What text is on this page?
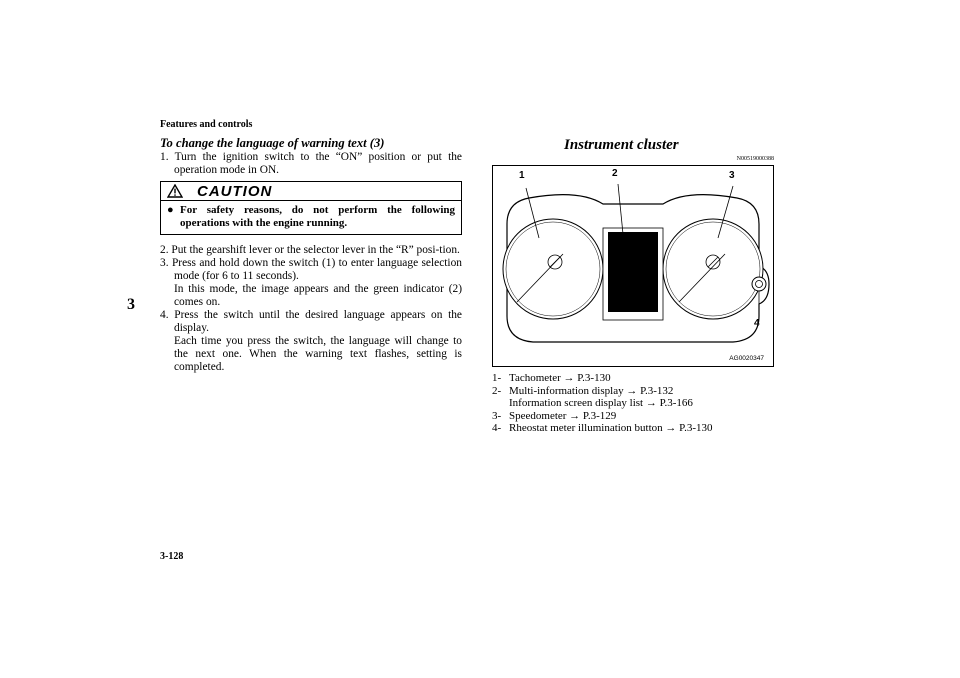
Features and controls
3
To change the language of warning text (3)
1. Turn the ignition switch to the “ON” position or put the operation mode in ON.
CAUTION
● For safety reasons, do not perform the following operations with the engine running.
2. Put the gearshift lever or the selector lever in the “R” posi-tion.
3. Press and hold down the switch (1) to enter language selection mode (for 6 to 11 seconds).
In this mode, the image appears and the green indicator (2) comes on.
4. Press the switch until the desired language appears on the display.
Each time you press the switch, the language will change to the next one. When the warning text flashes, setting is completed.
Instrument cluster
N00519000388
1	2	3
4
AG0020347
1- Tachometer → P.3-130
2- Multi-information display → P.3-132
Information screen display list → P.3-166
3- Speedometer → P.3-129
4- Rheostat meter illumination button → P.3-130
3-128
